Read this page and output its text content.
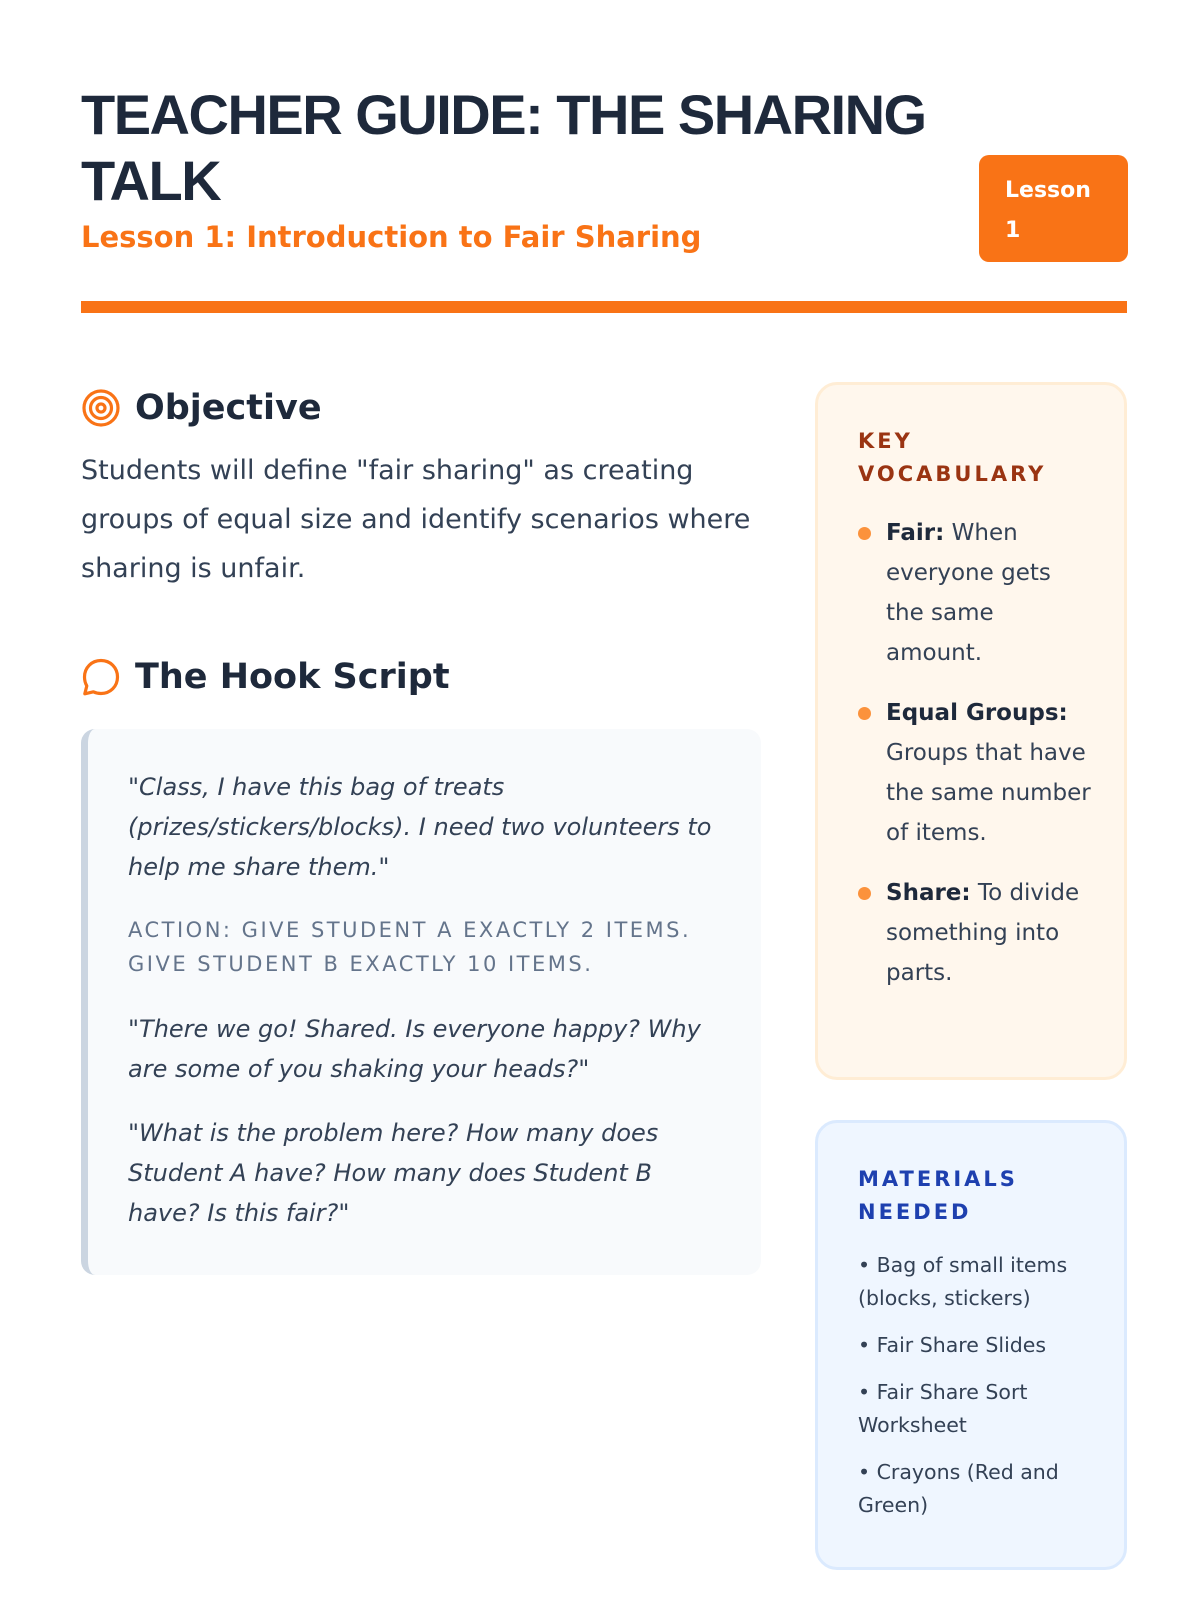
TEACHER GUIDE: THE SHARING TALK
Lesson 1: Introduction to Fair Sharing
Lesson
1
Objective

Students will define "fair sharing" as creating groups of equal size and identify scenarios where sharing is unfair.

The Hook Script

"Class, I have this bag of treats (prizes/stickers/blocks). I need two volunteers to help me share them."

ACTION: GIVE STUDENT A EXACTLY 2 ITEMS. GIVE STUDENT B EXACTLY 10 ITEMS.

"There we go! Shared. Is everyone happy? Why are some of you shaking your heads?"

"What is the problem here? How many does Student A have? How many does Student B have? Is this fair?"

KEY VOCABULARY
Fair: When everyone gets the same amount.
Equal Groups: Groups that have the same number of items.
Share: To divide something into parts.
MATERIALS NEEDED
• Bag of small items (blocks, stickers)
• Fair Share Slides
• Fair Share Sort Worksheet
• Crayons (Red and Green)
